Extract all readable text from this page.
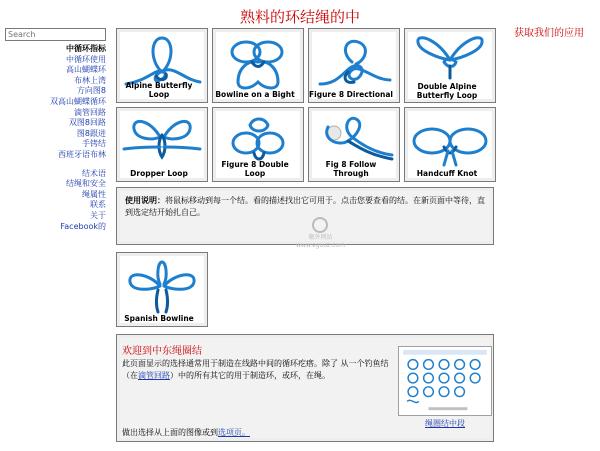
熟料的环结绳的中
获取我们的应用
Search
中循环指标
中循环使用
高山蝴蝶环
布林上湾
方向图8
双高山蝴蝶循环
滴管回路
双图8回路
图8跟进
手铐结
西班牙语布林
结术语
结绳和安全
绳属性
联系
关于
Facebook的
Alpine Butterfly Loop	Bowline on a Bight	Figure 8 Directional
Double Alpine Butterfly Loop
Dropper Loop
Figure 8 Double Loop
Fig 8 Follow Through	Handcuff Knot
使用说明：将鼠标移动到每一个结。看的描述找出它可用于。点击您要查看的结。在新页面中等待，直到选定结开始扎自己。
聚外网站
www.egouz.com
Spanish Bowline
欢迎到中东绳圈结
此页面显示的选择通常用于制造在线路中间的循环疙瘩。除了 从一个钓鱼结（在滴管回路）中的所有其它的用于制造环，或环，在绳。
做出选择从上面的图像或到选项页。
绳圈结中段
